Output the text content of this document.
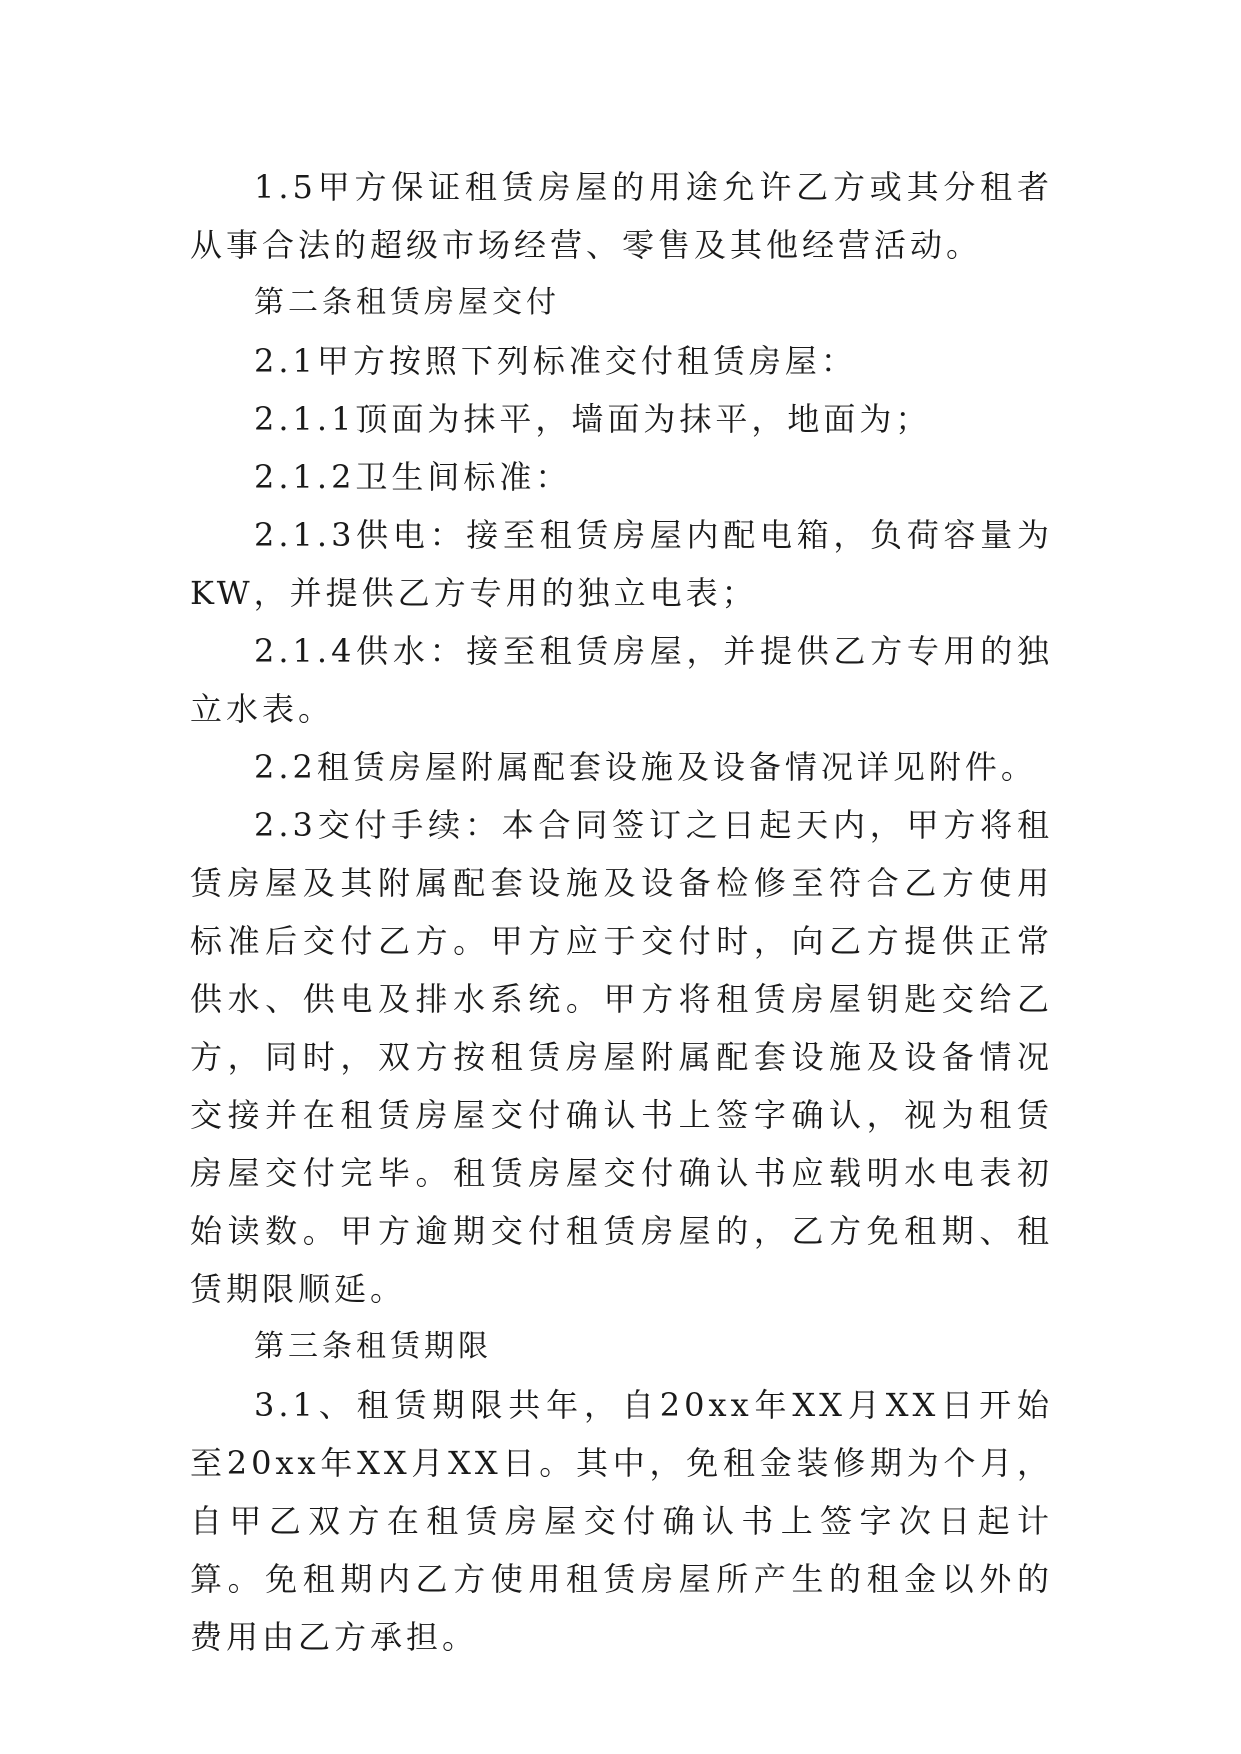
1.5甲方保证租赁房屋的用途允许乙方或其分租者从事合法的超级市场经营、零售及其他经营活动。

第二条租赁房屋交付

2.1甲方按照下列标准交付租赁房屋：

2.1.1顶面为抹平，墙面为抹平，地面为；

2.1.2卫生间标准：

2.1.3供电：接至租赁房屋内配电箱，负荷容量为KW，并提供乙方专用的独立电表；

2.1.4供水：接至租赁房屋，并提供乙方专用的独立水表。

2.2租赁房屋附属配套设施及设备情况详见附件。

2.3交付手续：本合同签订之日起天内，甲方将租赁房屋及其附属配套设施及设备检修至符合乙方使用标准后交付乙方。甲方应于交付时，向乙方提供正常供水、供电及排水系统。甲方将租赁房屋钥匙交给乙方，同时，双方按租赁房屋附属配套设施及设备情况交接并在租赁房屋交付确认书上签字确认，视为租赁房屋交付完毕。租赁房屋交付确认书应载明水电表初始读数。甲方逾期交付租赁房屋的，乙方免租期、租赁期限顺延。

第三条租赁期限

3.1、租赁期限共年，自20xx年XX月XX日开始至20xx年XX月XX日。其中，免租金装修期为个月，自甲乙双方在租赁房屋交付确认书上签字次日起计算。免租期内乙方使用租赁房屋所产生的租金以外的费用由乙方承担。
